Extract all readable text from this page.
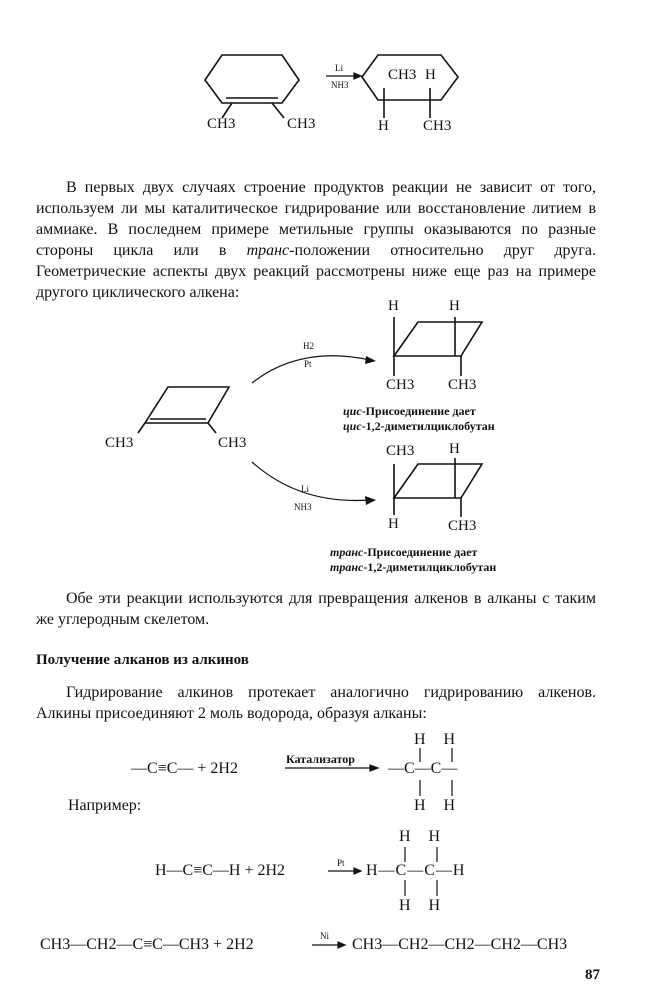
CH3	CH3
Li
NH3
CH3 H
H CH3
В первых двух случаях строение продуктов реакции не зависит от того, используем ли мы каталитическое гидрирование или восстановление литием в аммиаке. В последнем примере метильные группы оказываются по разные стороны цикла или в транс-положении относительно друг друга. Геометрические аспекты двух реакций рассмотрены ниже еще раз на примере другого циклического алкена:
CH3	CH3
H2
Pt
H	H
CH3 CH3
цис-Присоединение дает
цис-1,2-диметилциклобутан
Li
NH3
CH3 H
H	CH3
транс-Присоединение дает
транс-1,2-диметилциклобутан
Обе эти реакции используются для превращения алкенов в алканы с таким же углеродным скелетом.
Получение алканов из алкинов
Гидрирование алкинов протекает аналогично гидрированию алкенов. Алкины присоединяют 2 моль водорода, образуя алканы:
—C≡C— + 2H2
Катализатор
—C—C—
H H
H H
Например:
H—C≡C—H + 2H2	Pt H—C—C—H
H H
H H
CH3—CH2—C≡C—CH3 + 2H2	Ni CH3—CH2—CH2—CH2—CH3
87
